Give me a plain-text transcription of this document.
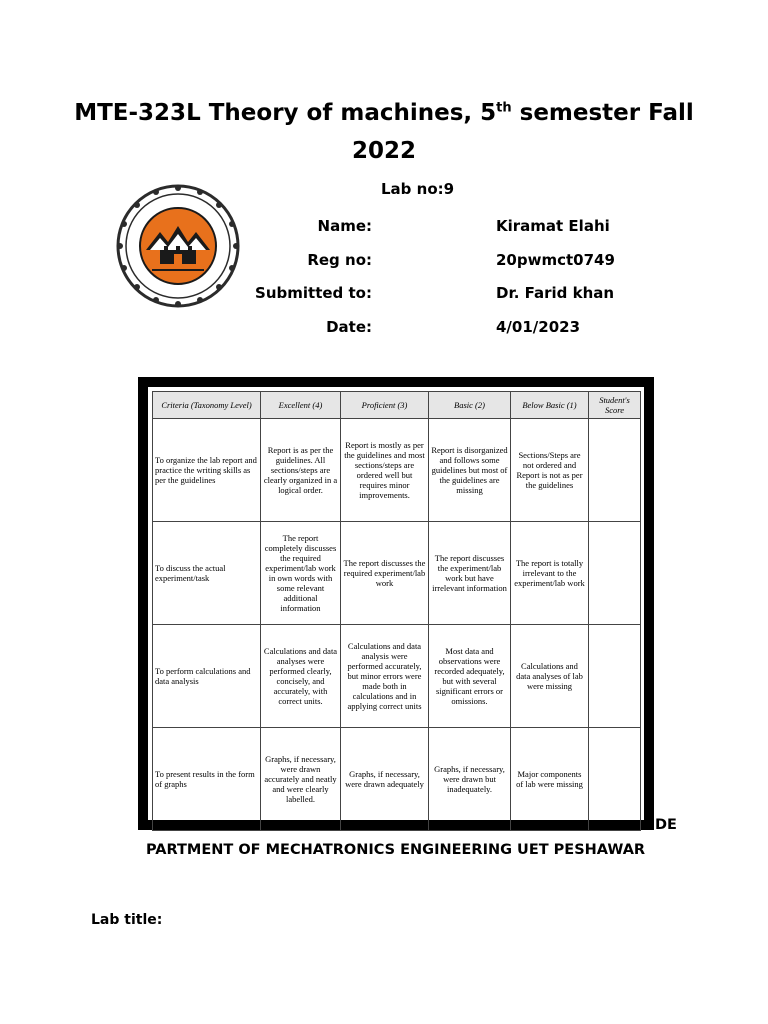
MTE-323L Theory of machines, 5th semester Fall 2022
Lab no:9
Name:	Kiramat Elahi
Reg no:	20pwmct0749
Submitted to:	Dr. Farid khan
Date:	4/01/2023
Criteria (Taxonomy Level)	Excellent (4)	Proficient (3)	Basic (2)	Below Basic (1)	Student's Score
To organize the lab report and practice the writing skills as per the guidelines	Report is as per the guidelines. All sections/steps are clearly organized in a logical order.	Report is mostly as per the guidelines and most sections/steps are ordered well but requires minor improvements.	Report is disorganized and follows some guidelines but most of the guidelines are missing	Sections/Steps are not ordered and Report is not as per the guidelines	
To discuss the actual experiment/task	The report completely discusses the required experiment/lab work in own words with some relevant additional information	The report discusses the required experiment/lab work	The report discusses the experiment/lab work but have irrelevant information	The report is totally irrelevant to the experiment/lab work	
To perform calculations and data analysis	Calculations and data analyses were performed clearly, concisely, and accurately, with correct units.	Calculations and data analysis were performed accurately, but minor errors were made both in calculations and in applying correct units	Most data and observations were recorded adequately, but with several significant errors or omissions.	Calculations and data analyses of lab were missing	
To present results in the form of graphs	Graphs, if necessary, were drawn accurately and neatly and were clearly labelled.	Graphs, if necessary, were drawn adequately	Graphs, if necessary, were drawn but inadequately.	Major components of lab were missing	
DE
PARTMENT OF MECHATRONICS ENGINEERING UET PESHAWAR
Lab title:
